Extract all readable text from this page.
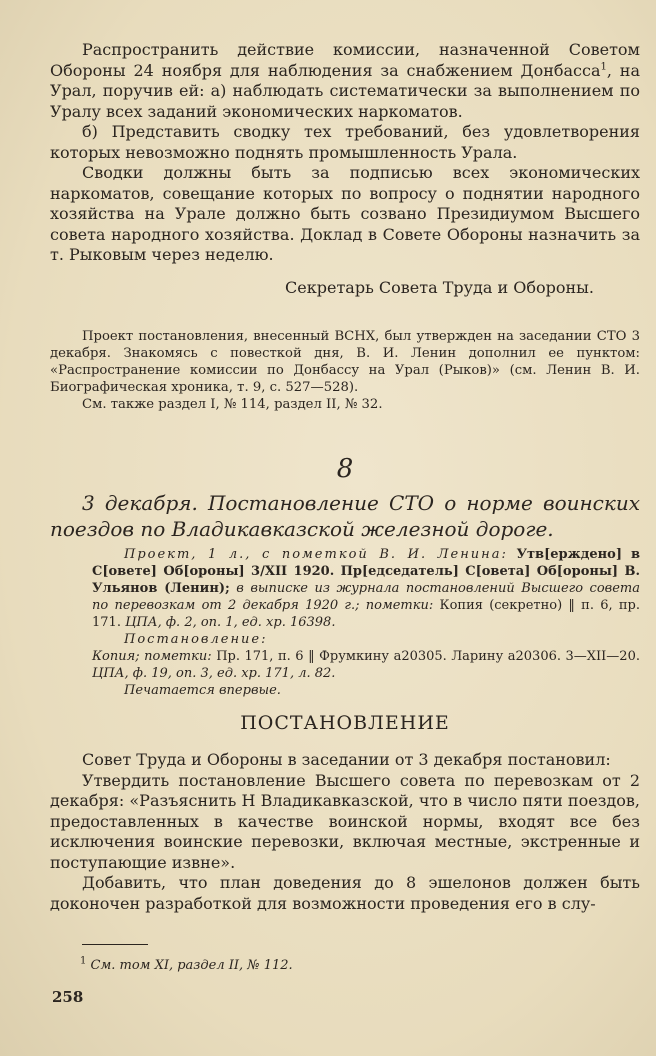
Распространить действие комиссии, назначенной Советом Обороны 24 ноября для наблюдения за снабжением Донбасса$^1$, на Урал, поручив ей: а) наблюдать систематически за выполнением по Уралу всех заданий экономических наркоматов.

б) Представить сводку тех требований, без удовлетворения которых невозможно поднять промышленность Урала.

Сводки должны быть за подписью всех экономических наркоматов, совещание которых по вопросу о поднятии народного хозяйства на Урале должно быть созвано Президиумом Высшего совета народного хозяйства. Доклад в Совете Обороны назначить за т. Рыковым через неделю.

Секретарь Совета Труда и Обороны.

Проект постановления, внесенный ВСНХ, был утвержден на заседании СТО 3 декабря. Знакомясь с повесткой дня, В. И. Ленин дополнил ее пунктом: «Распространение комиссии по Донбассу на Урал (Рыков)» (см. Ленин В. И. Биографическая хроника, т. 9, с. 527—528).

См. также раздел I, № 114, раздел II, № 32.

8

3 декабря. Постановление СТО о норме воинских поездов по Владикавказской железной дороге.

Проект, 1 л., с пометкой В. И. Ленина: Утв[ерждено] в С[овете] Об[ороны] 3/XII 1920. Пр[едседатель] С[овета] Об[ороны] В. Ульянов (Ленин); в выписке из журнала постановлений Высшего совета по перевозкам от 2 декабря 1920 г.; пометки: Копия (секретно) ‖ п. 6, пр. 171. ЦПА, ф. 2, оп. 1, ед. хр. 16398.

Постановление:
Копия; пометки: Пр. 171, п. 6 ‖ Фрумкину а20305. Ларину а20306. 3—XII—20. ЦПА, ф. 19, оп. 3, ед. хр. 171, л. 82.

Печатается впервые.

ПОСТАНОВЛЕНИЕ

Совет Труда и Обороны в заседании от 3 декабря постановил:

Утвердить постановление Высшего совета по перевозкам от 2 декабря: «Разъяснить Н Владикавказской, что в число пяти поездов, предоставленных в качестве воинской нормы, входят все без исключения воинские перевозки, включая местные, экстренные и поступающие извне».

Добавить, что план доведения до 8 эшелонов должен быть доконочен разработкой для возможности проведения его в слу-

$^1$ См. том XI, раздел II, № 112.
258
